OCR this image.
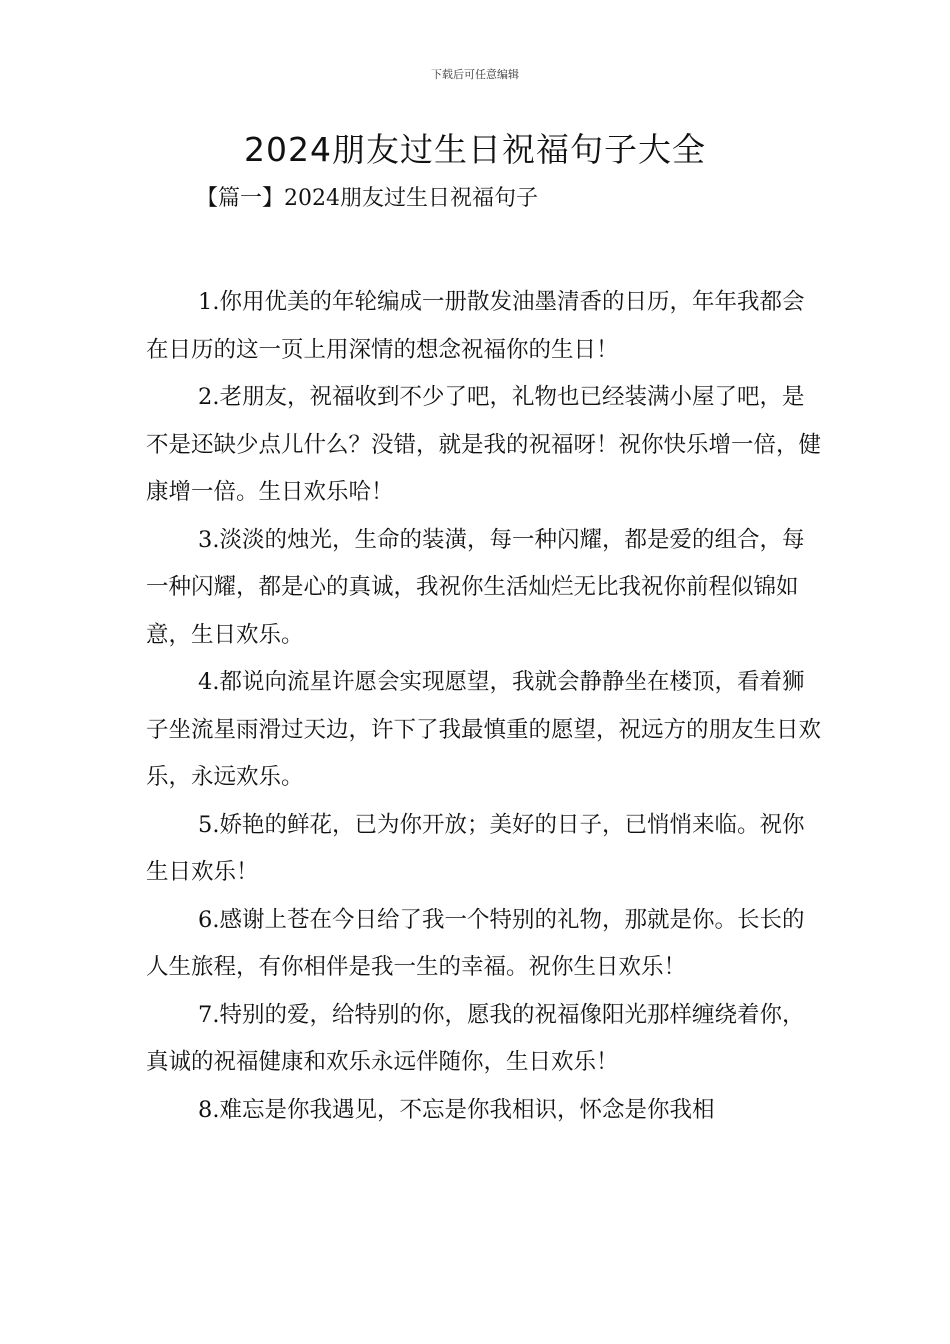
下载后可任意编辑
2024朋友过生日祝福句子大全
【篇一】2024朋友过生日祝福句子

1.你用优美的年轮编成一册散发油墨清香的日历，年年我都会在日历的这一页上用深情的想念祝福你的生日！

2.老朋友，祝福收到不少了吧，礼物也已经装满小屋了吧，是不是还缺少点儿什么？没错，就是我的祝福呀！祝你快乐增一倍，健康增一倍。生日欢乐哈！

3.淡淡的烛光，生命的装潢，每一种闪耀，都是爱的组合，每一种闪耀，都是心的真诚，我祝你生活灿烂无比我祝你前程似锦如意，生日欢乐。

4.都说向流星许愿会实现愿望，我就会静静坐在楼顶，看着狮子坐流星雨滑过天边，许下了我最慎重的愿望，祝远方的朋友生日欢乐，永远欢乐。

5.娇艳的鲜花，已为你开放；美好的日子，已悄悄来临。祝你生日欢乐！

6.感谢上苍在今日给了我一个特别的礼物，那就是你。长长的人生旅程，有你相伴是我一生的幸福。祝你生日欢乐！

7.特别的爱，给特别的你，愿我的祝福像阳光那样缠绕着你，真诚的祝福健康和欢乐永远伴随你，生日欢乐！

8.难忘是你我遇见，不忘是你我相识，怀念是你我相
